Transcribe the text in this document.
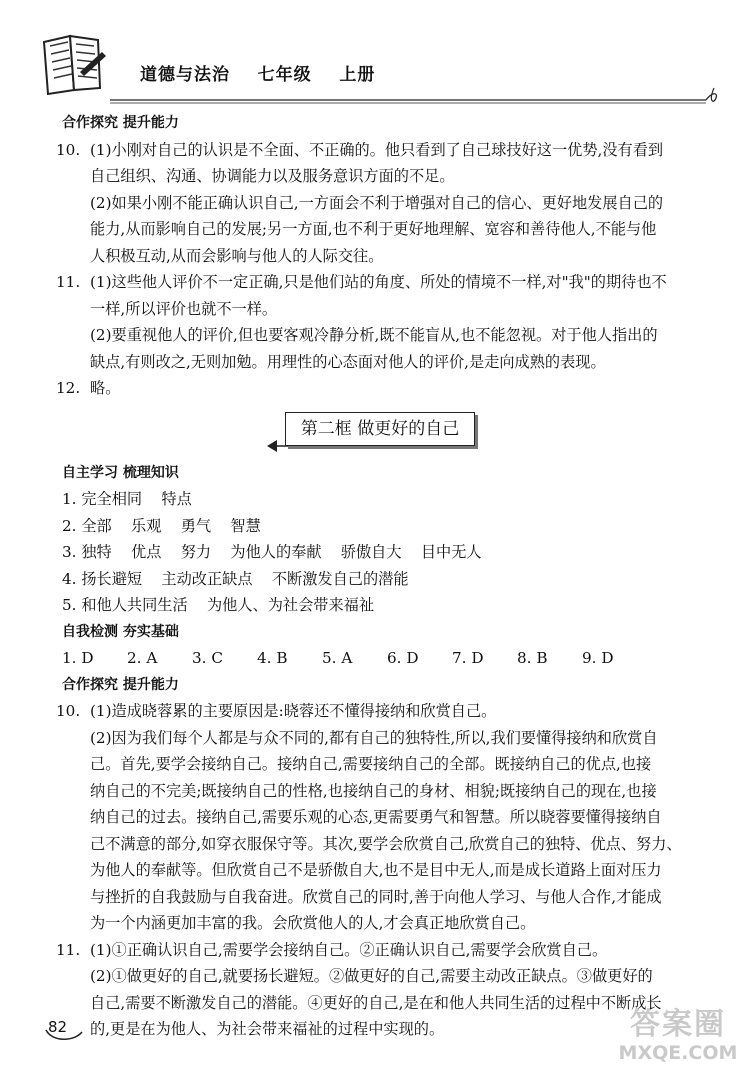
道德与法治    七年级    上册
合作探究 提升能力
10. (1)小刚对自己的认识是不全面、不正确的。他只看到了自己球技好这一优势,没有看到
自己组织、沟通、协调能力以及服务意识方面的不足。
(2)如果小刚不能正确认识自己,一方面会不利于增强对自己的信心、更好地发展自己的
能力,从而影响自己的发展;另一方面,也不利于更好地理解、宽容和善待他人,不能与他
人积极互动,从而会影响与他人的人际交往。
11. (1)这些他人评价不一定正确,只是他们站的角度、所处的情境不一样,对"我"的期待也不
一样,所以评价也就不一样。
(2)要重视他人的评价,但也要客观冷静分析,既不能盲从,也不能忽视。对于他人指出的
缺点,有则改之,无则加勉。用理性的心态面对他人的评价,是走向成熟的表现。
12. 略。
第二框 做更好的自己
自主学习 梳理知识
1. 完全相同    特点
2. 全部    乐观    勇气    智慧
3. 独特    优点    努力    为他人的奉献    骄傲自大    目中无人
4. 扬长避短    主动改正缺点    不断激发自己的潜能
5. 和他人共同生活    为他人、为社会带来福祉
自我检测 夯实基础
1. D	2. A	3. C	4. B	5. A	6. D	7. D	8. B	9. D
合作探究 提升能力
10. (1)造成晓蓉累的主要原因是:晓蓉还不懂得接纳和欣赏自己。
(2)因为我们每个人都是与众不同的,都有自己的独特性,所以,我们要懂得接纳和欣赏自
己。首先,要学会接纳自己。接纳自己,需要接纳自己的全部。既接纳自己的优点,也接
纳自己的不完美;既接纳自己的性格,也接纳自己的身材、相貌;既接纳自己的现在,也接
纳自己的过去。接纳自己,需要乐观的心态,更需要勇气和智慧。所以晓蓉要懂得接纳自
己不满意的部分,如穿衣服保守等。其次,要学会欣赏自己,欣赏自己的独特、优点、努力、
为他人的奉献等。但欣赏自己不是骄傲自大,也不是目中无人,而是成长道路上面对压力
与挫折的自我鼓励与自我奋进。欣赏自己的同时,善于向他人学习、与他人合作,才能成
为一个内涵更加丰富的我。会欣赏他人的人,才会真正地欣赏自己。
11. (1)①正确认识自己,需要学会接纳自己。②正确认识自己,需要学会欣赏自己。
(2)①做更好的自己,就要扬长避短。②做更好的自己,需要主动改正缺点。③做更好的
自己,需要不断激发自己的潜能。④更好的自己,是在和他人共同生活的过程中不断成长
的,更是在为他人、为社会带来福祉的过程中实现的。
82	答案圈
MXQE.COM
